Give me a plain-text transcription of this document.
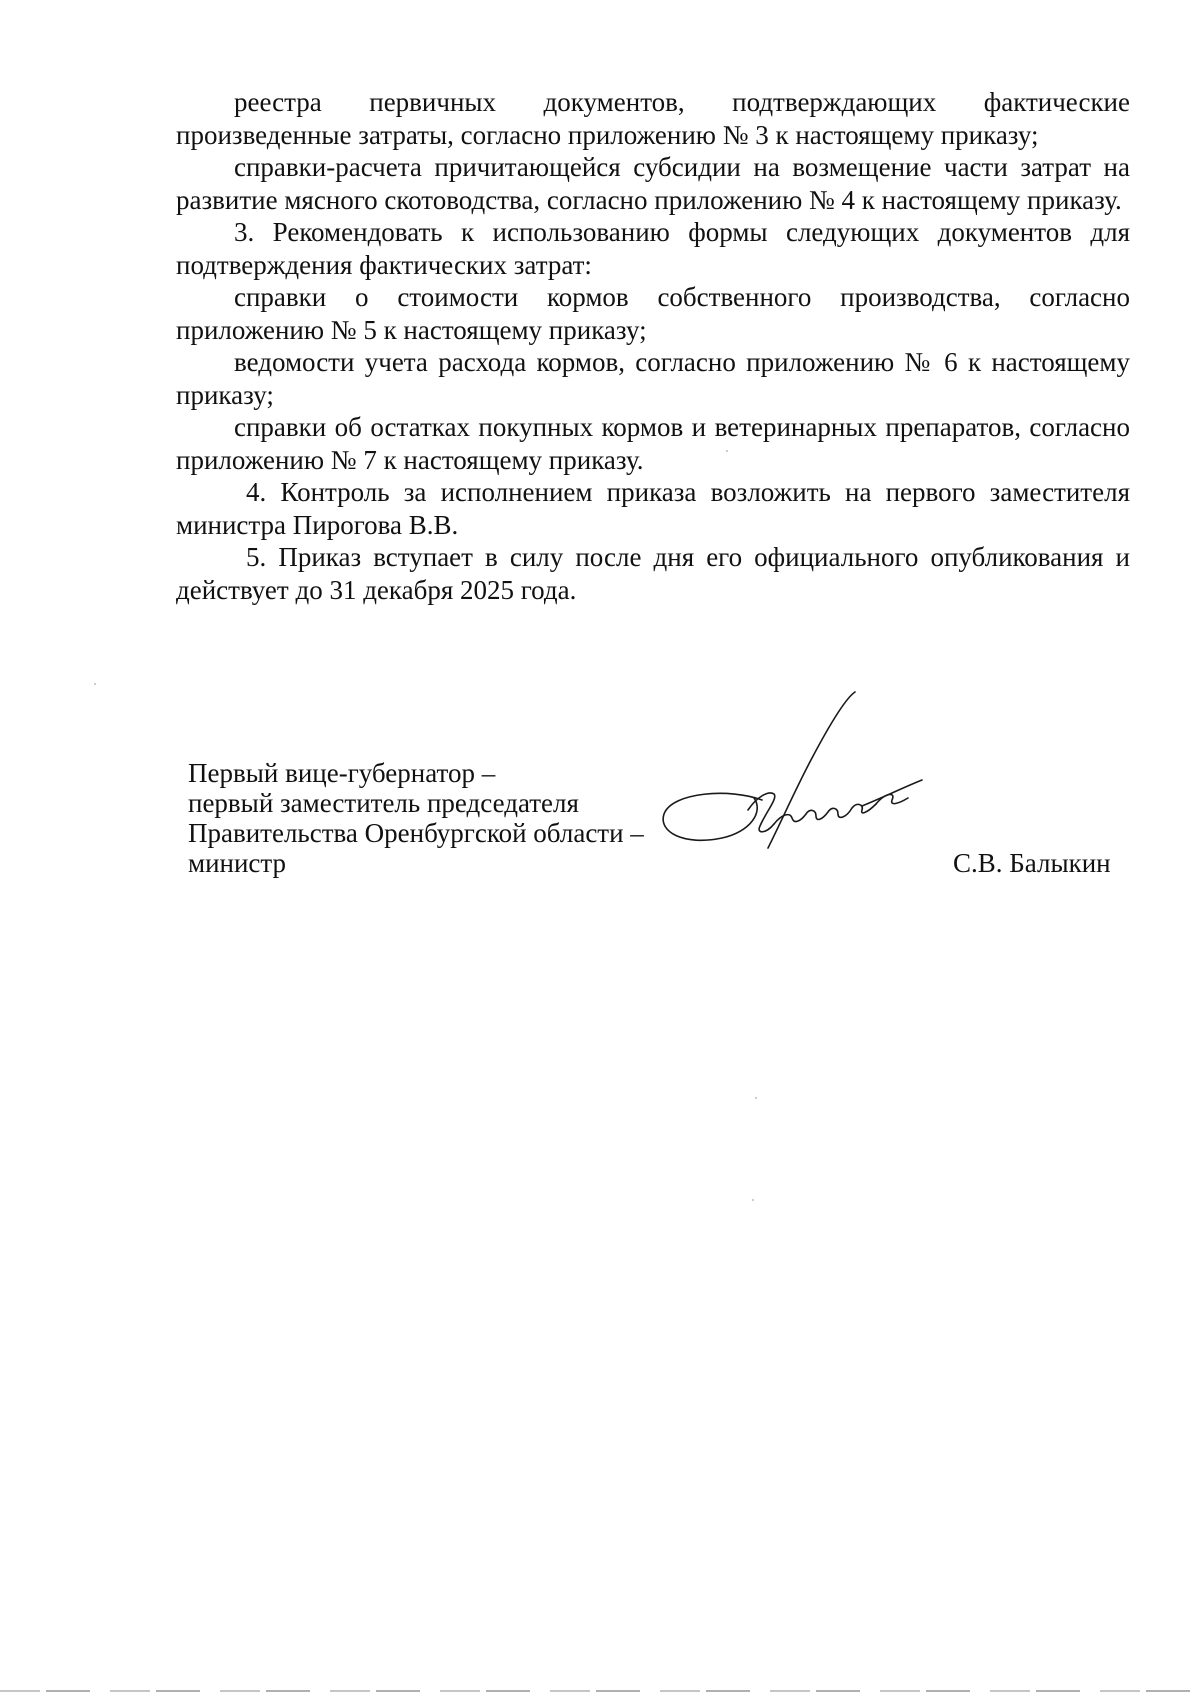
реестра первичных документов, подтверждающих фактические произведенные затраты, согласно приложению № 3 к настоящему приказу;

справки-расчета причитающейся субсидии на возмещение части затрат на развитие мясного скотоводства, согласно приложению № 4 к настоящему приказу.

3. Рекомендовать к использованию формы следующих документов для подтверждения фактических затрат:

справки о стоимости кормов собственного производства, согласно приложению № 5 к настоящему приказу;

ведомости учета расхода кормов, согласно приложению № 6 к настоящему приказу;

справки об остатках покупных кормов и ветеринарных препаратов, согласно приложению № 7 к настоящему приказу.

4. Контроль за исполнением приказа возложить на первого заместителя министра Пирогова В.В.

5. Приказ вступает в силу после дня его официального опубликования и действует до 31 декабря 2025 года.

Первый вице-губернатор –
первый заместитель председателя
Правительства Оренбургской области –
министр	С.В. Балыкин
